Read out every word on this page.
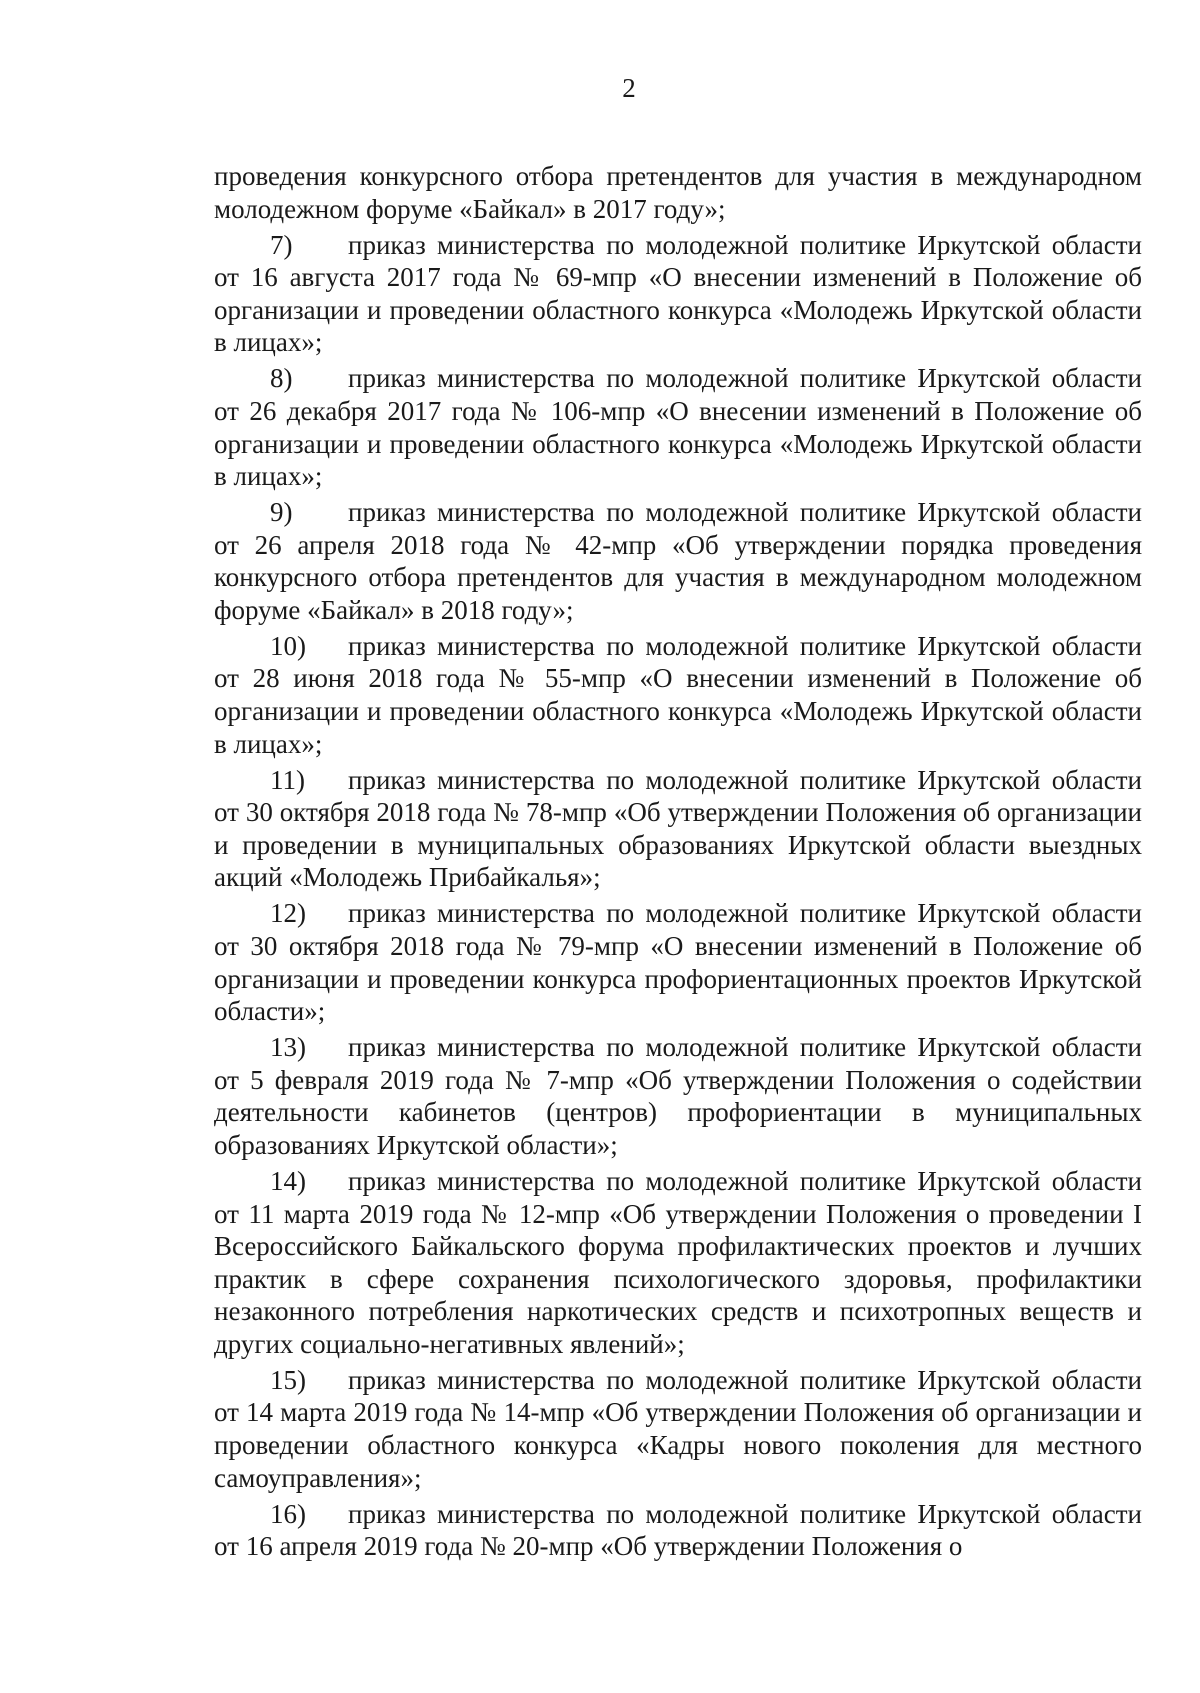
2

проведения конкурсного отбора претендентов для участия в международном молодежном форуме «Байкал» в 2017 году»;

7) приказ министерства по молодежной политике Иркутской области от 16 августа 2017 года № 69-мпр «О внесении изменений в Положение об организации и проведении областного конкурса «Молодежь Иркутской области в лицах»;

8) приказ министерства по молодежной политике Иркутской области от 26 декабря 2017 года № 106-мпр «О внесении изменений в Положение об организации и проведении областного конкурса «Молодежь Иркутской области в лицах»;

9) приказ министерства по молодежной политике Иркутской области от 26 апреля 2018 года № 42-мпр «Об утверждении порядка проведения конкурсного отбора претендентов для участия в международном молодежном форуме «Байкал» в 2018 году»;

10) приказ министерства по молодежной политике Иркутской области от 28 июня 2018 года № 55-мпр «О внесении изменений в Положение об организации и проведении областного конкурса «Молодежь Иркутской области в лицах»;

11) приказ министерства по молодежной политике Иркутской области от 30 октября 2018 года № 78-мпр «Об утверждении Положения об организации и проведении в муниципальных образованиях Иркутской области выездных акций «Молодежь Прибайкалья»;

12) приказ министерства по молодежной политике Иркутской области от 30 октября 2018 года № 79-мпр «О внесении изменений в Положение об организации и проведении конкурса профориентационных проектов Иркутской области»;

13) приказ министерства по молодежной политике Иркутской области от 5 февраля 2019 года № 7-мпр «Об утверждении Положения о содействии деятельности кабинетов (центров) профориентации в муниципальных образованиях Иркутской области»;

14) приказ министерства по молодежной политике Иркутской области от 11 марта 2019 года № 12-мпр «Об утверждении Положения о проведении I Всероссийского Байкальского форума профилактических проектов и лучших практик в сфере сохранения психологического здоровья, профилактики незаконного потребления наркотических средств и психотропных веществ и других социально-негативных явлений»;

15) приказ министерства по молодежной политике Иркутской области от 14 марта 2019 года № 14-мпр «Об утверждении Положения об организации и проведении областного конкурса «Кадры нового поколения для местного самоуправления»;

16) приказ министерства по молодежной политике Иркутской области от 16 апреля 2019 года № 20-мпр «Об утверждении Положения о
